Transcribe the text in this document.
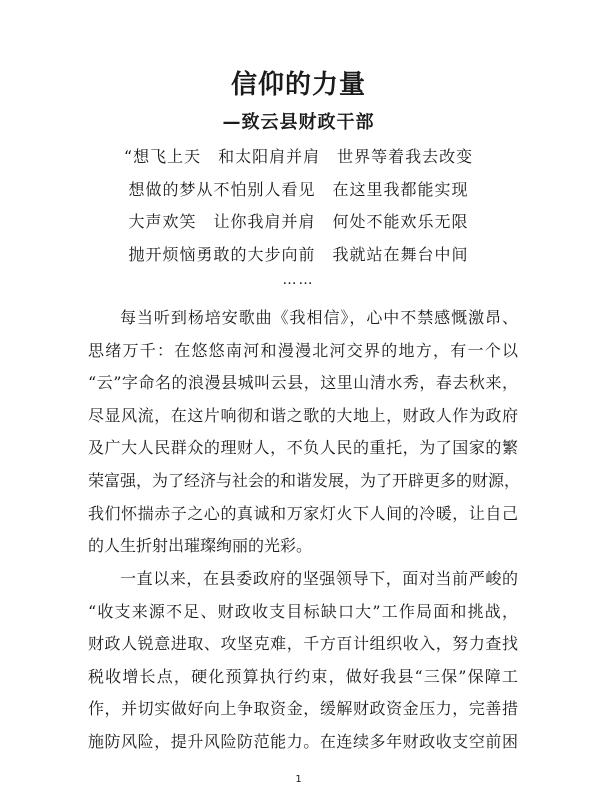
信仰的力量
—致云县财政干部

“想飞上天　和太阳肩并肩　世界等着我去改变

想做的梦从不怕别人看见　在这里我都能实现

大声欢笑　让你我肩并肩　何处不能欢乐无限

抛开烦恼勇敢的大步向前　我就站在舞台中间

……

每当听到杨培安歌曲《我相信》，心中不禁感慨激昂、
思绪万千：在悠悠南河和漫漫北河交界的地方，有一个以
“云”字命名的浪漫县城叫云县，这里山清水秀，春去秋来，
尽显风流，在这片响彻和谐之歌的大地上，财政人作为政府
及广大人民群众的理财人，不负人民的重托，为了国家的繁
荣富强，为了经济与社会的和谐发展，为了开辟更多的财源，
我们怀揣赤子之心的真诚和万家灯火下人间的冷暖，让自己
的人生折射出璀璨绚丽的光彩。
一直以来，在县委政府的坚强领导下，面对当前严峻的
“收支来源不足、财政收支目标缺口大”工作局面和挑战，
财政人锐意进取、攻坚克难，千方百计组织收入，努力查找
税收增长点，硬化预算执行约束，做好我县“三保”保障工
作，并切实做好向上争取资金，缓解财政资金压力，完善措
施防风险，提升风险防范能力。在连续多年财政收支空前困
1
